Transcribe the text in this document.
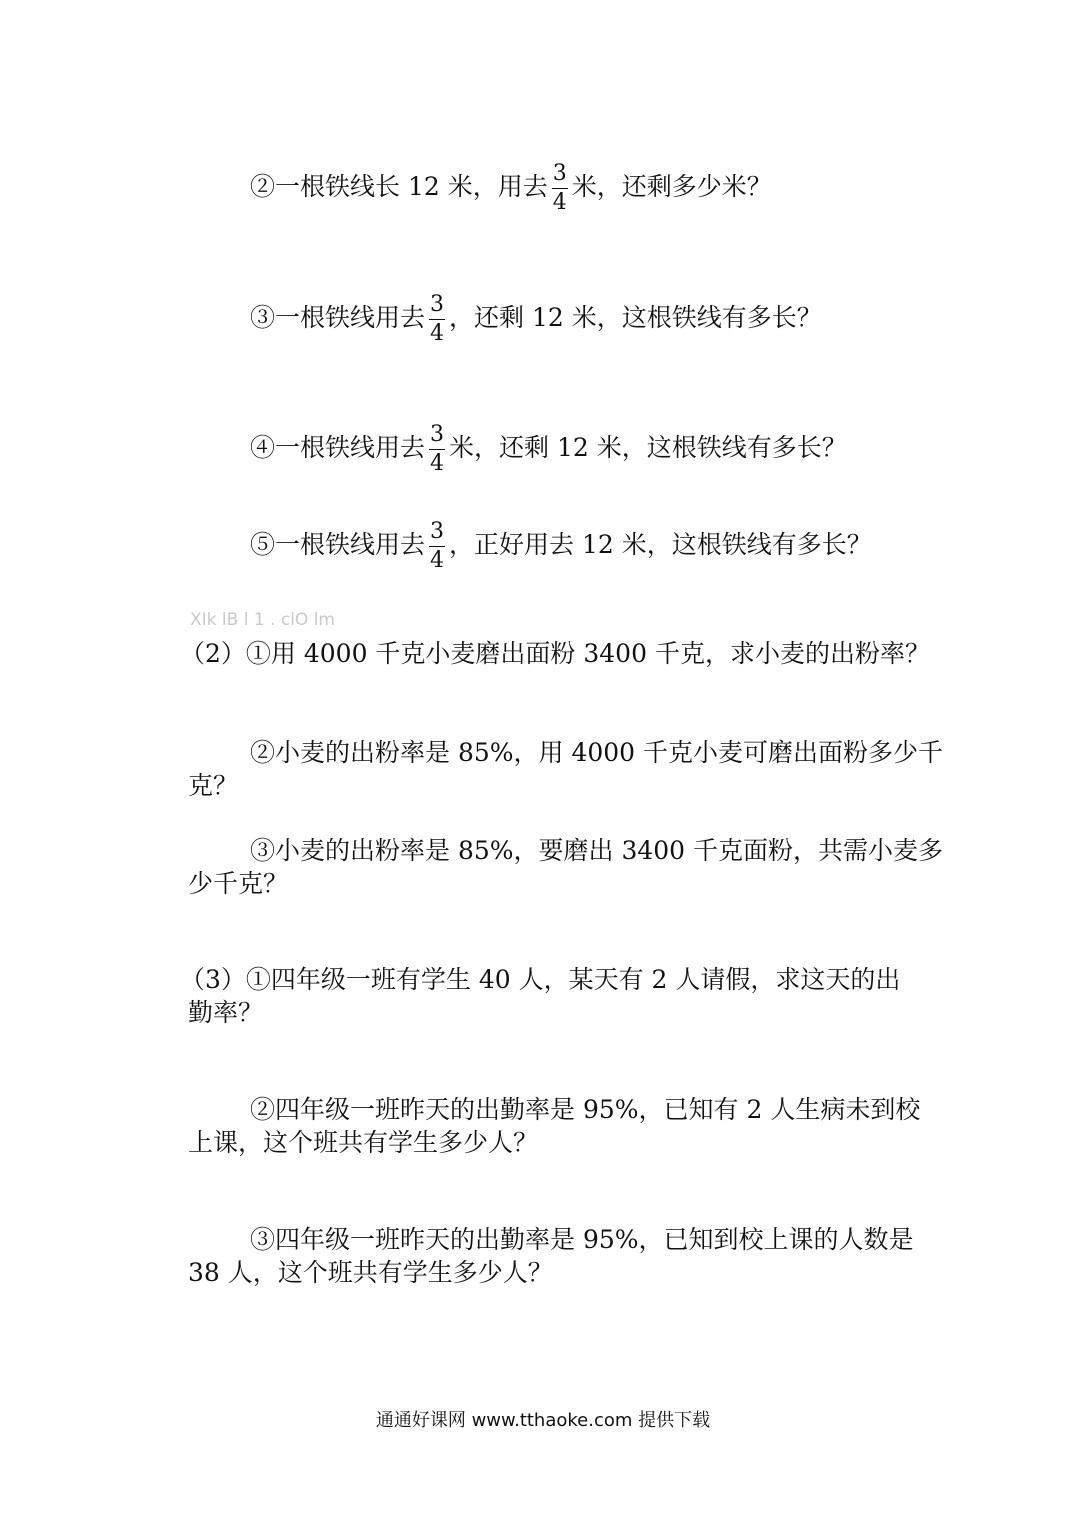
②一根铁线长 12 米，用去 $\frac{3}{4}$ 米，还剩多少米？
③一根铁线用去 $\frac{3}{4}$ ，还剩 12 米，这根铁线有多长？
④一根铁线用去 $\frac{3}{4}$ 米，还剩 12 米，这根铁线有多长？
⑤一根铁线用去 $\frac{3}{4}$ ，正好用去 12 米，这根铁线有多长？
XIk lB l 1 . clO lm
（2）①用 4000 千克小麦磨出面粉 3400 千克，求小麦的出粉率？
②小麦的出粉率是 85%，用 4000 千克小麦可磨出面粉多少千
克？
③小麦的出粉率是 85%，要磨出 3400 千克面粉，共需小麦多
少千克？
（3）①四年级一班有学生 40 人，某天有 2 人请假，求这天的出
勤率？
②四年级一班昨天的出勤率是 95%，已知有 2 人生病未到校
上课，这个班共有学生多少人？
③四年级一班昨天的出勤率是 95%，已知到校上课的人数是
38 人，这个班共有学生多少人？
通通好课网 www.tthaoke.com 提供下载
